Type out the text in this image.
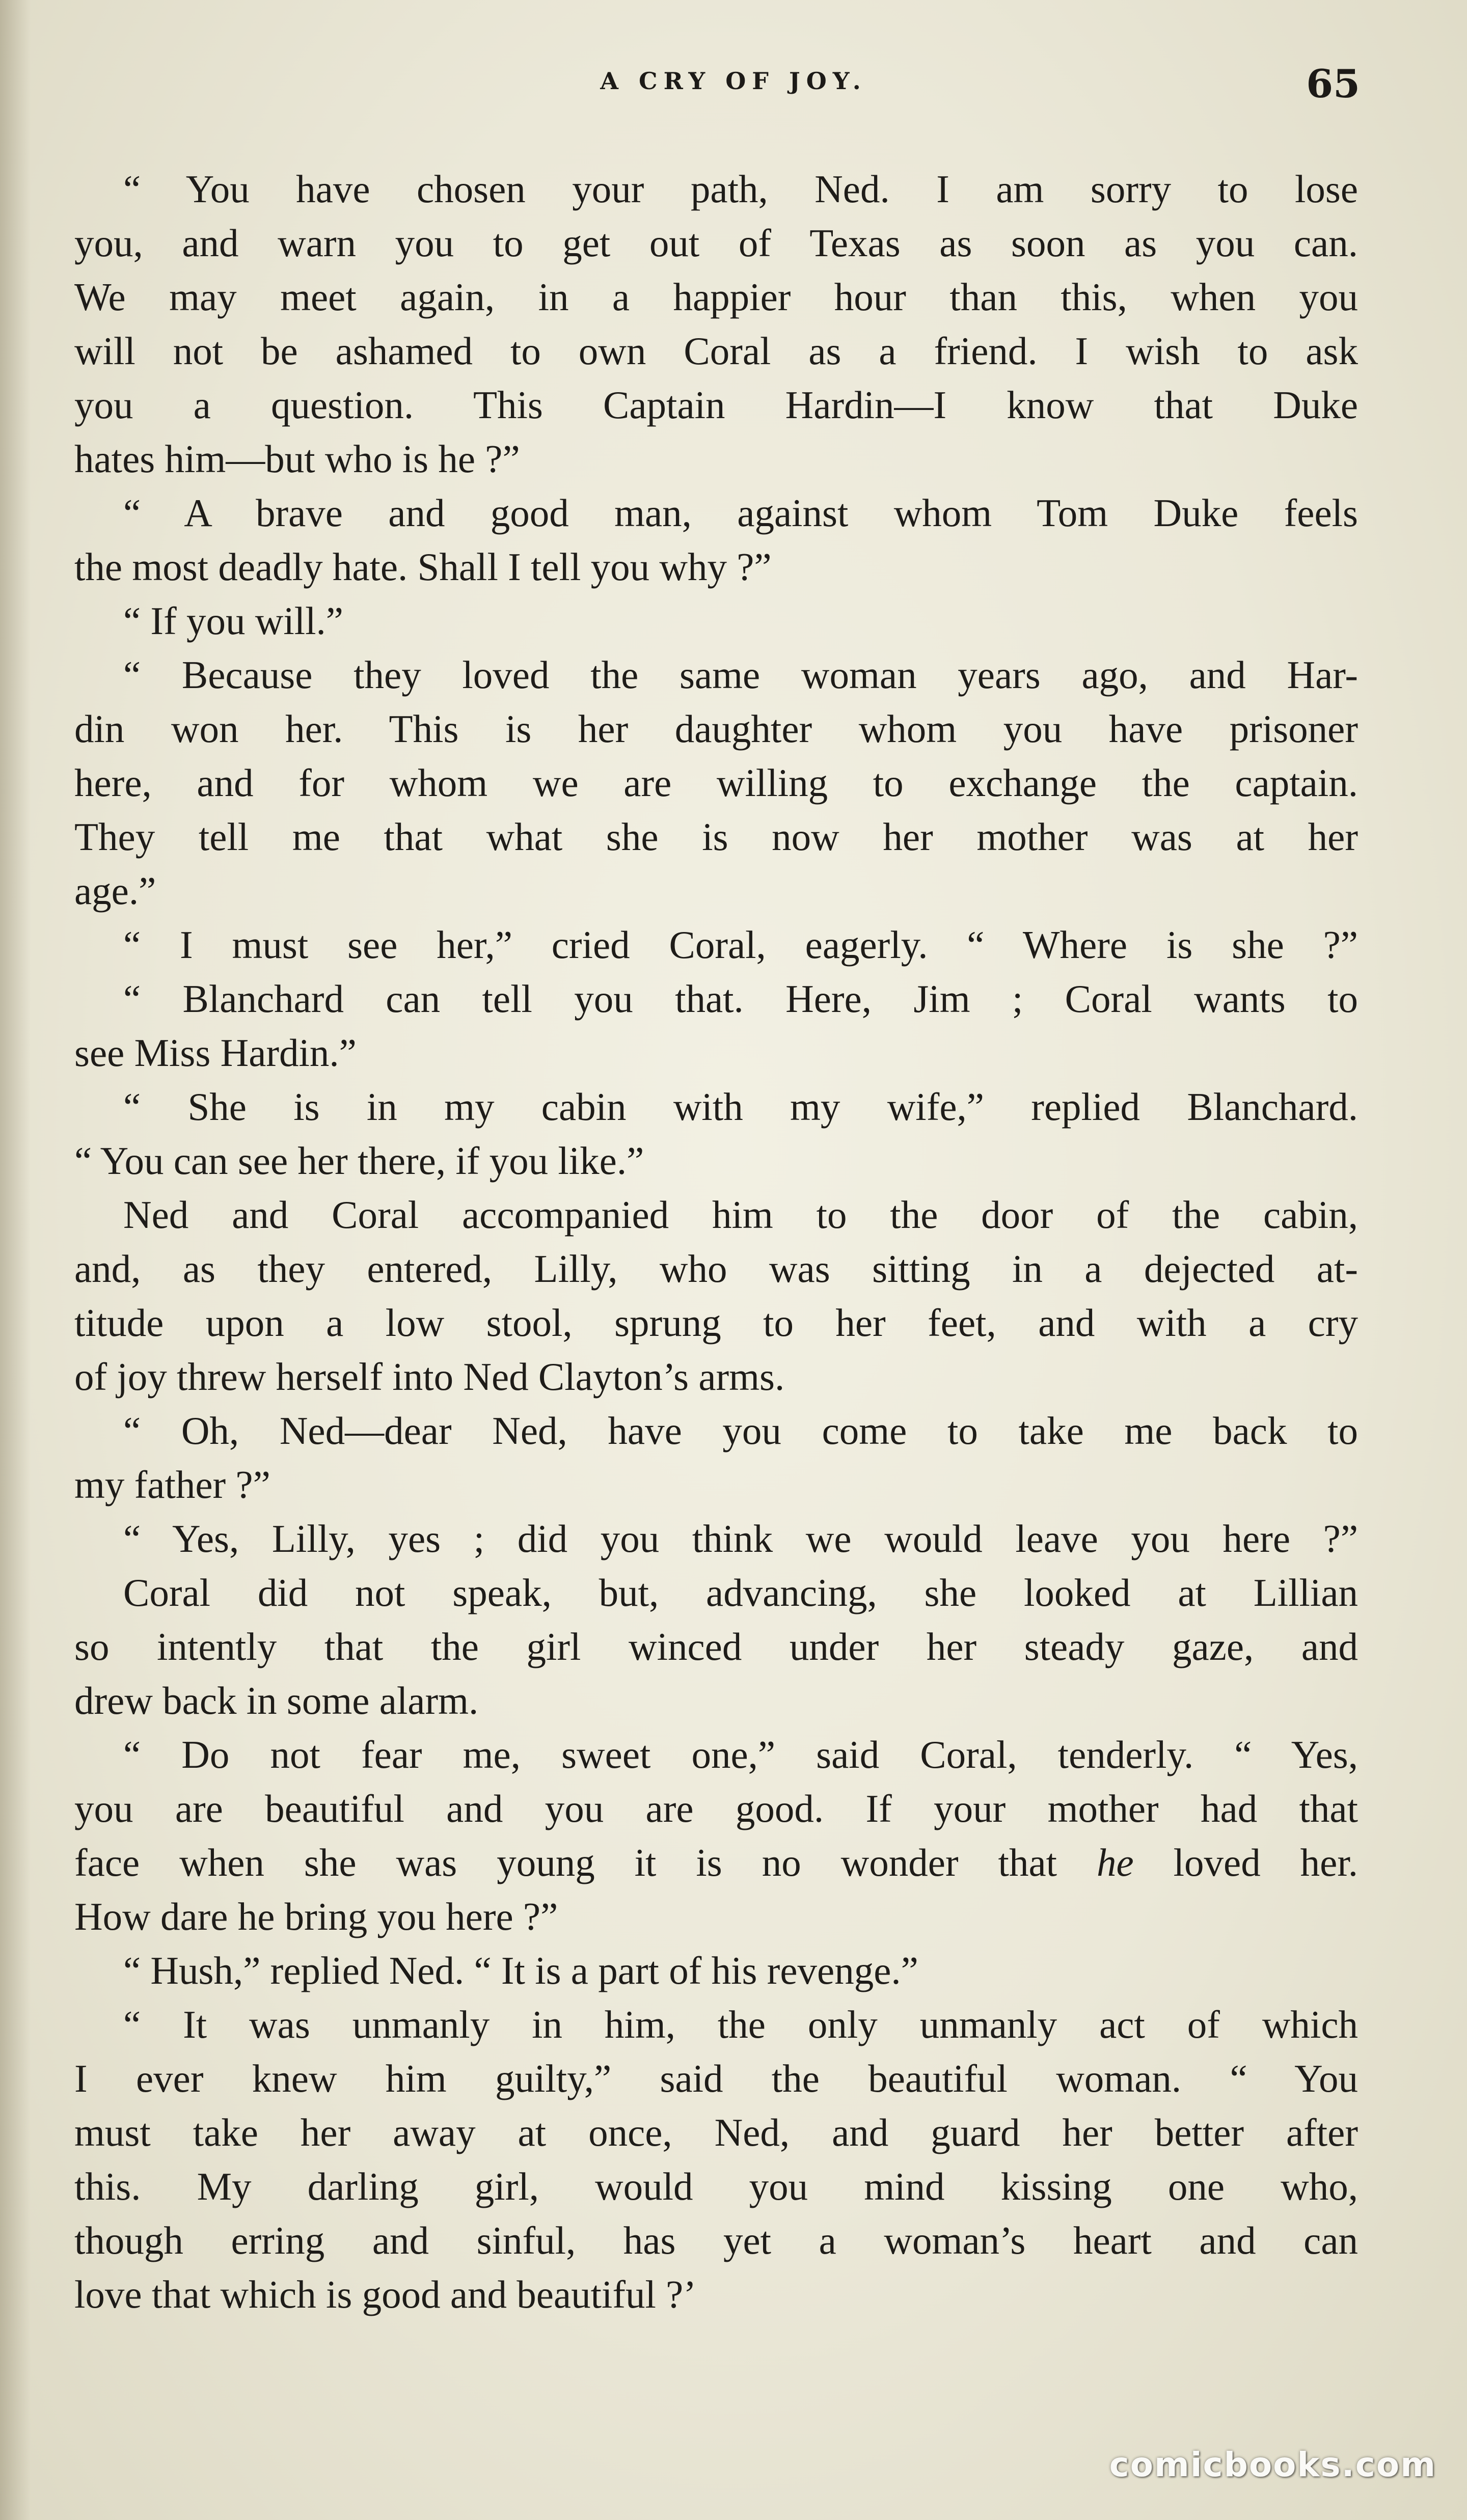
A CRY OF JOY.	65
“ You have chosen your path, Ned. I am sorry to lose
you, and warn you to get out of Texas as soon as you can.
We may meet again, in a happier hour than this, when you
will not be ashamed to own Coral as a friend. I wish to ask
you a question. This Captain Hardin—I know that Duke
hates him—but who is he ?”
“ A brave and good man, against whom Tom Duke feels
the most deadly hate. Shall I tell you why ?”
“ If you will.”
“ Because they loved the same woman years ago, and Har-
din won her. This is her daughter whom you have prisoner
here, and for whom we are willing to exchange the captain.
They tell me that what she is now her mother was at her
age.”
“ I must see her,” cried Coral, eagerly. “ Where is she ?”
“ Blanchard can tell you that. Here, Jim ; Coral wants to
see Miss Hardin.”
“ She is in my cabin with my wife,” replied Blanchard.
“ You can see her there, if you like.”
Ned and Coral accompanied him to the door of the cabin,
and, as they entered, Lilly, who was sitting in a dejected at-
titude upon a low stool, sprung to her feet, and with a cry
of joy threw herself into Ned Clayton’s arms.
“ Oh, Ned—dear Ned, have you come to take me back to
my father ?”
“ Yes, Lilly, yes ; did you think we would leave you here ?”
Coral did not speak, but, advancing, she looked at Lillian
so intently that the girl winced under her steady gaze, and
drew back in some alarm.
“ Do not fear me, sweet one,” said Coral, tenderly. “ Yes,
you are beautiful and you are good. If your mother had that
face when she was young it is no wonder that he loved her.
How dare he bring you here ?”
“ Hush,” replied Ned. “ It is a part of his revenge.”
“ It was unmanly in him, the only unmanly act of which
I ever knew him guilty,” said the beautiful woman. “ You
must take her away at once, Ned, and guard her better after
this. My darling girl, would you mind kissing one who,
though erring and sinful, has yet a woman’s heart and can
love that which is good and beautiful ?’
comicbooks.com
